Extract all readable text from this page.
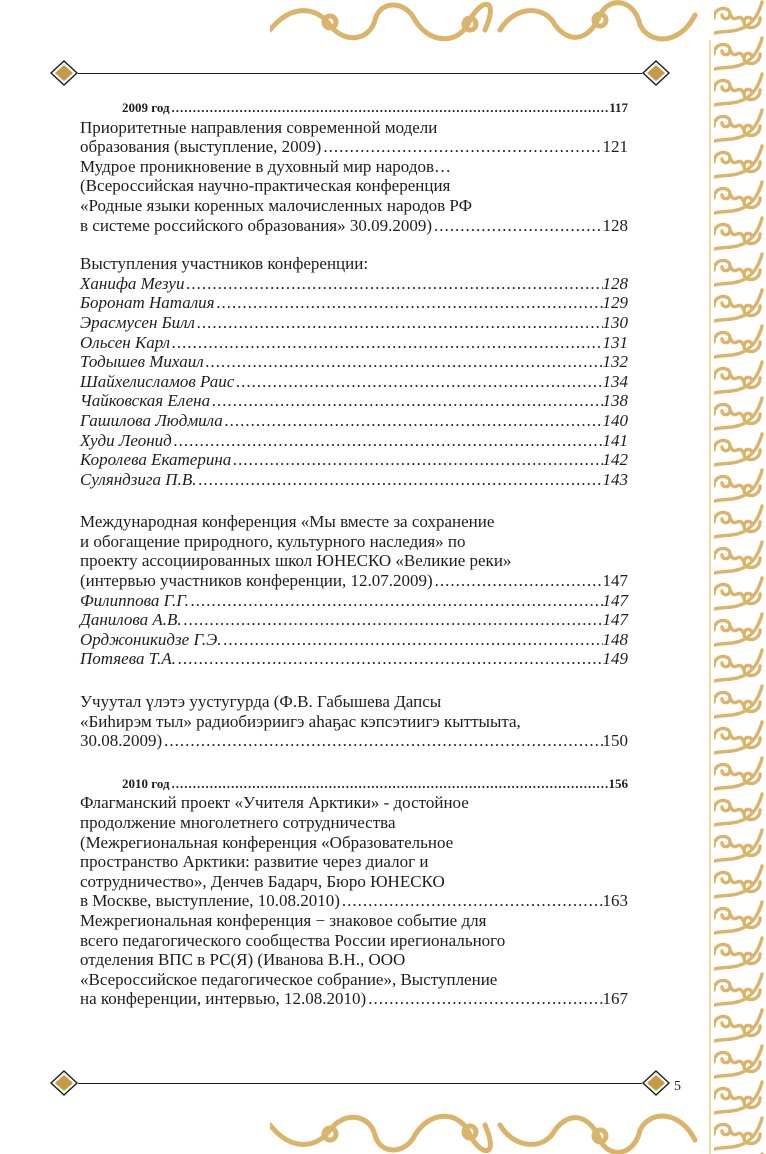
2009 год .....	117
Приоритетные направления современной модели
образования (выступление, 2009) .....	121
Мудрое проникновение в духовный мир народов…
(Всероссийская научно-практическая конференция
«Родные языки коренных малочисленных народов РФ
в системе российского образования» 30.09.2009) .....	128
Выступления участников конференции:
Ханифа Мезуи .....	128
Боронат Наталия .....	129
Эрасмусен Билл .....	130
Ольсен Карл .....	131
Тодышев Михаил .....	132
Шайхелисламов Раис .....	134
Чайковская Елена .....	138
Гашилова Людмила .....	140
Худи Леонид .....	141
Королева Екатерина .....	142
Суляндзига П.В. .....	143
Международная конференция «Мы вместе за сохранение
и обогащение природного, культурного наследия» по
проекту ассоциированных школ ЮНЕСКО «Великие реки»
(интервью участников конференции, 12.07.2009) .....	147
Филиппова Г.Г. .....	147
Данилова А.В. .....	147
Орджоникидзе Г.Э. .....	148
Потяева Т.А. .....	149
Учуутал үлэтэ уустугурда (Ф.В. Габышева Дапсы
«Биһирэм тыл» радиобиэриигэ аһаҕас кэпсэтиигэ кыттыыта,
30.08.2009) .....	150
2010 год .....	156
Флагманский проект «Учителя Арктики» - достойное
продолжение многолетнего сотрудничества
(Межрегиональная конференция «Образовательное
пространство Арктики: развитие через диалог и
сотрудничество», Денчев Бадарч, Бюро ЮНЕСКО
в Москве, выступление, 10.08.2010) .....	163
Межрегиональная конференция − знаковое событие для
всего педагогического сообщества России ирегионального
отделения ВПС в РС(Я) (Иванова В.Н., ООО
«Всероссийское педагогическое собрание», Выступление
на конференции, интервью, 12.08.2010) .....	167
5
